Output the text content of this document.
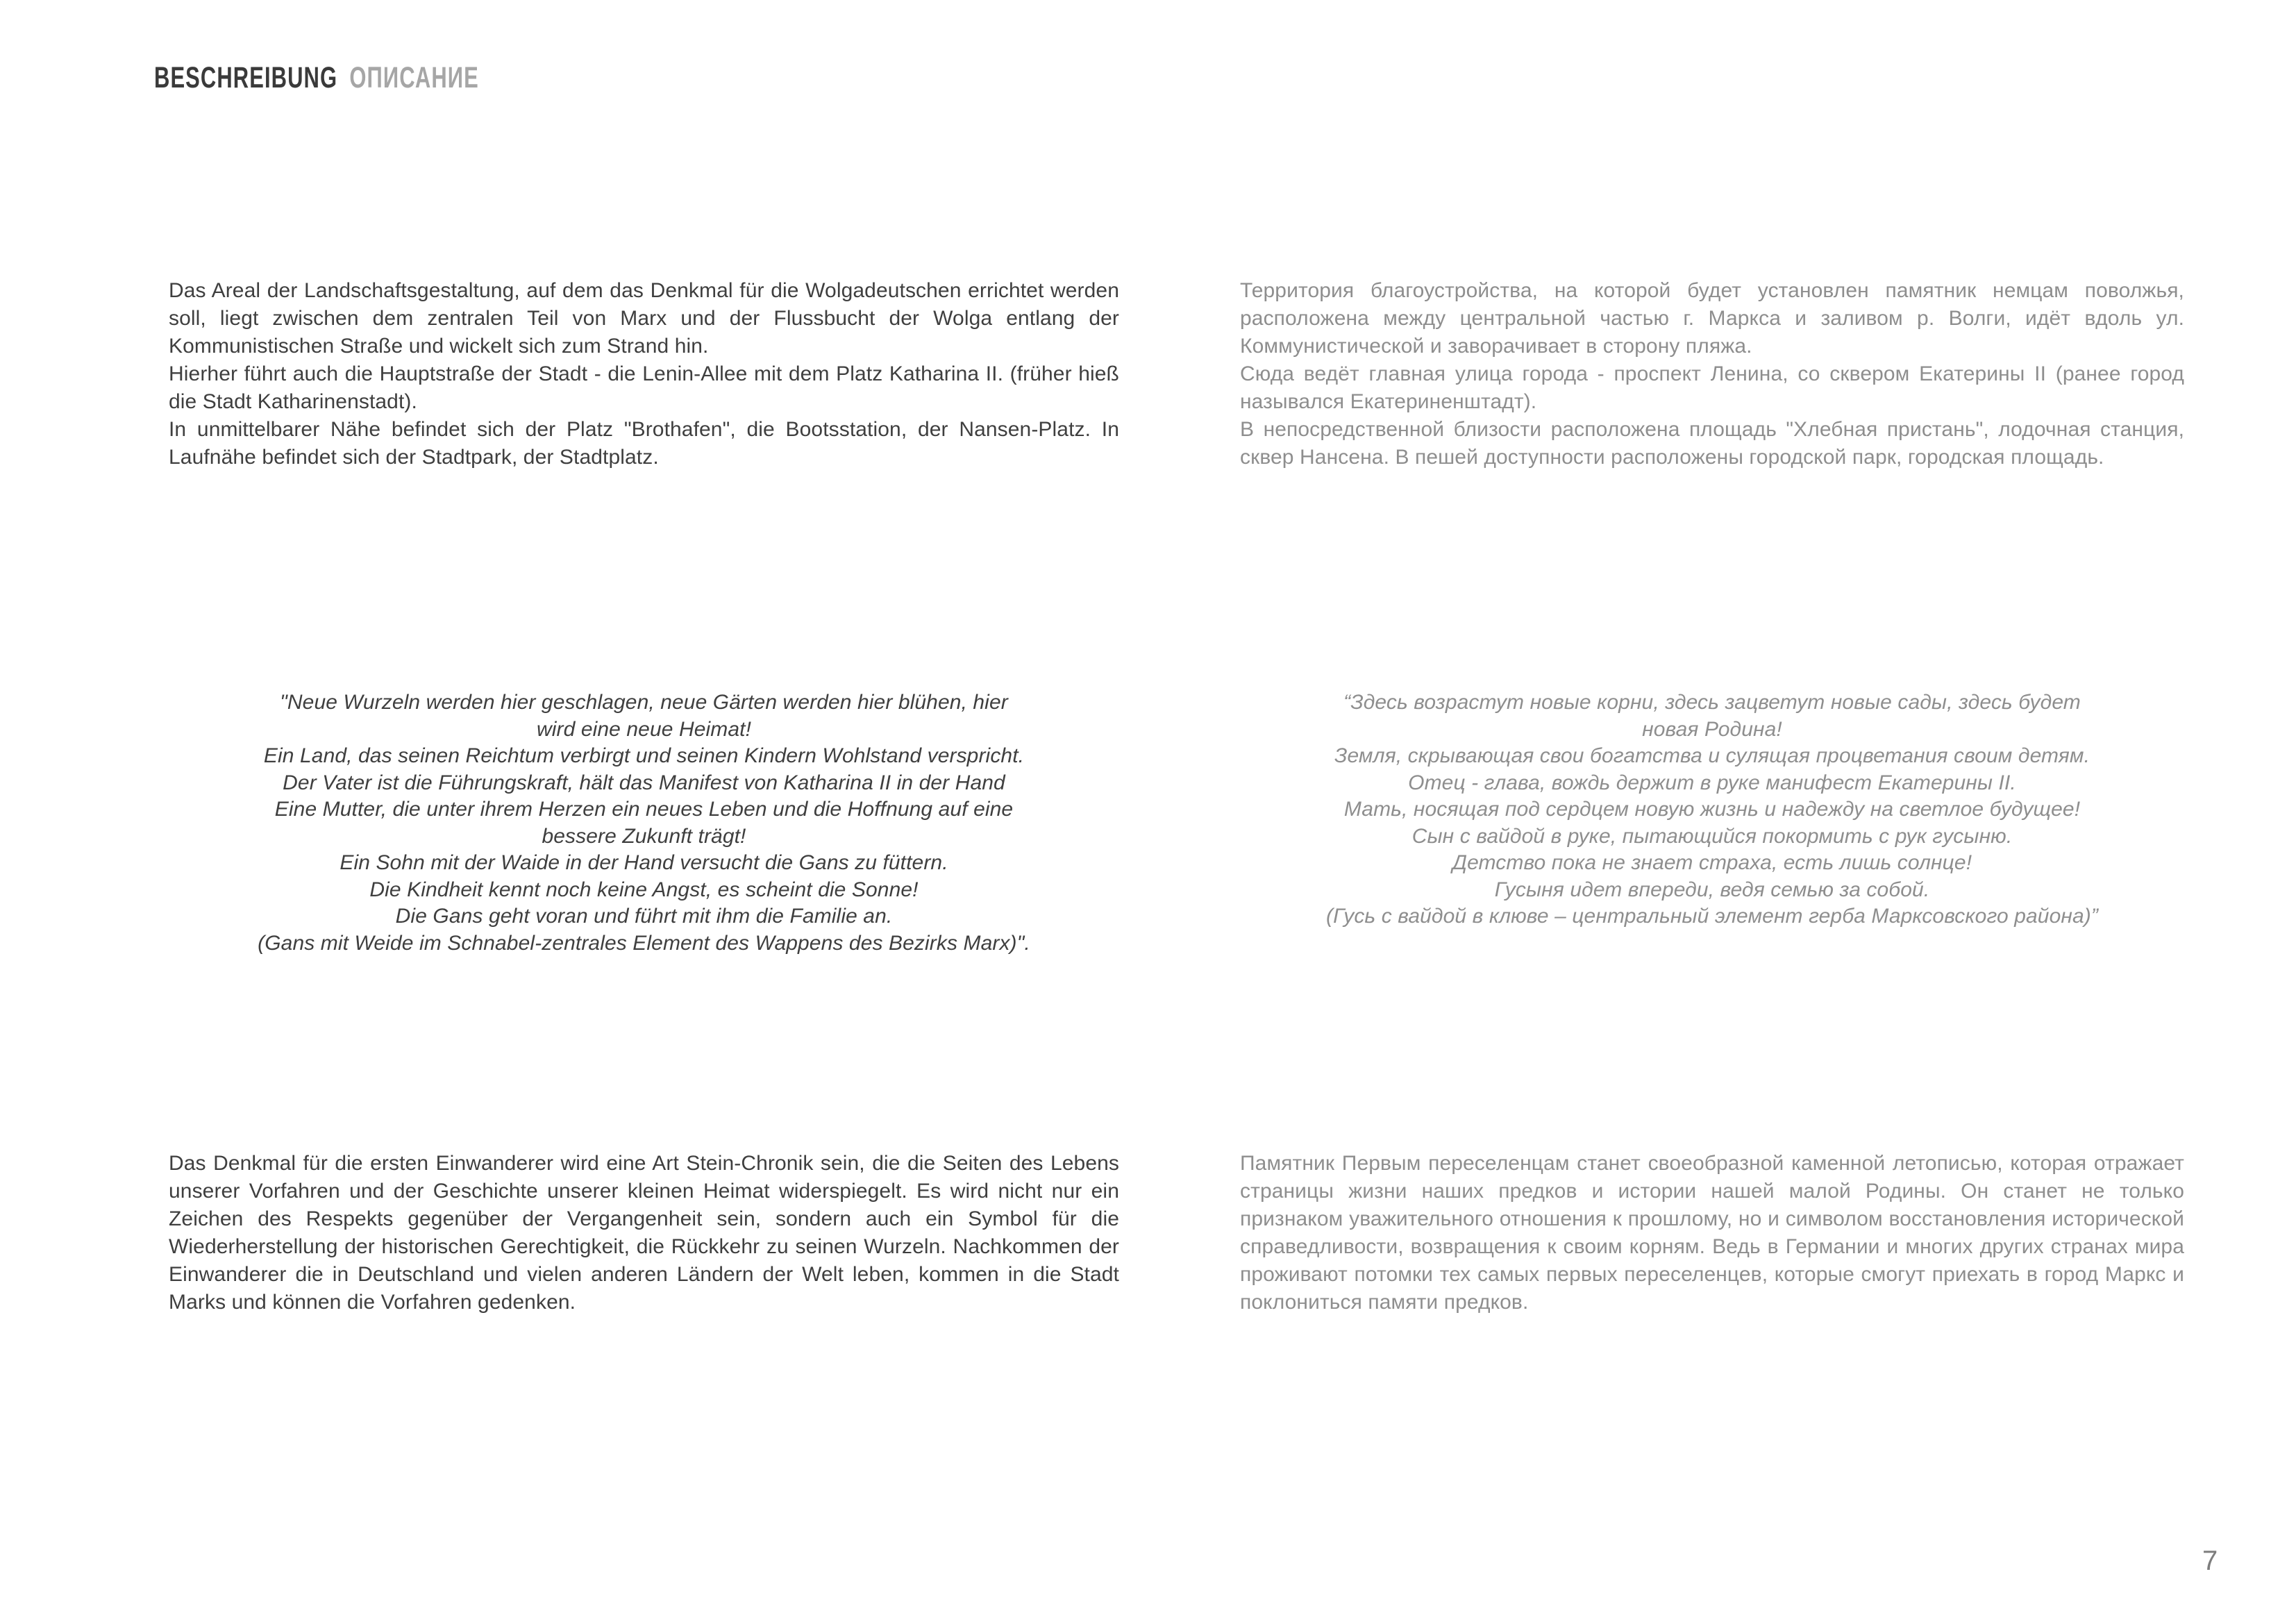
BESCHREIBUNG ОПИСАНИЕ

Das Areal der Landschaftsgestaltung, auf dem das Denkmal für die Wolgadeutschen errichtet werden soll, liegt zwischen dem zentralen Teil von Marx und der Flussbucht der Wolga entlang der Kommunistischen Straße und wickelt sich zum Strand hin.

Hierher führt auch die Hauptstraße der Stadt - die Lenin-Allee mit dem Platz Katharina II. (früher hieß die Stadt Katharinenstadt).

In unmittelbarer Nähe befindet sich der Platz "Brothafen", die Bootsstation, der Nansen-Platz. In Laufnähe befindet sich der Stadtpark, der Stadtplatz.

"Neue Wurzeln werden hier geschlagen, neue Gärten werden hier blühen, hier
wird eine neue Heimat!
Ein Land, das seinen Reichtum verbirgt und seinen Kindern Wohlstand verspricht.
Der Vater ist die Führungskraft, hält das Manifest von Katharina II in der Hand
Eine Mutter, die unter ihrem Herzen ein neues Leben und die Hoffnung auf eine
bessere Zukunft trägt!
Ein Sohn mit der Waide in der Hand versucht die Gans zu füttern.
Die Kindheit kennt noch keine Angst, es scheint die Sonne!
Die Gans geht voran und führt mit ihm die Familie an.
(Gans mit Weide im Schnabel-zentrales Element des Wappens des Bezirks Marx)".

Das Denkmal für die ersten Einwanderer wird eine Art Stein-Chronik sein, die die Seiten des Lebens unserer Vorfahren und der Geschichte unserer kleinen Heimat widerspiegelt. Es wird nicht nur ein Zeichen des Respekts gegenüber der Vergangenheit sein, sondern auch ein Symbol für die Wiederherstellung der historischen Gerechtigkeit, die Rückkehr zu seinen Wurzeln. Nachkommen der Einwanderer die in Deutschland und vielen anderen Ländern der Welt leben, kommen in die Stadt Marks und können die Vorfahren gedenken.

Территория благоустройства, на которой будет установлен памятник немцам поволжья, расположена между центральной частью г. Маркса и заливом р. Волги, идёт вдоль ул. Коммунистической и заворачивает в сторону пляжа.

Сюда ведёт главная улица города - проспект Ленина, со сквером Екатерины II (ранее город назывался Екатериненштадт).

В непосредственной близости расположена площадь "Хлебная пристань", лодочная станция, сквер Нансена. В пешей доступности расположены городской парк, городская площадь.

“Здесь возрастут новые корни, здесь зацветут новые сады, здесь будет
новая Родина!
Земля, скрывающая свои богатства и сулящая процветания своим детям.
Отец - глава, вождь держит в руке манифест Екатерины II.
Мать, носящая под сердцем новую жизнь и надежду на светлое будущее!
Сын с вайдой в руке, пытающийся покормить с рук гусыню.
Детство пока не знает страха, есть лишь солнце!
Гусыня идет впереди, ведя семью за собой.
(Гусь с вайдой в клюве – центральный элемент герба Марксовского района)”

Памятник Первым переселенцам станет своеобразной каменной летописью, которая отражает страницы жизни наших предков и истории нашей малой Родины. Он станет не только признаком уважительного отношения к прошлому, но и символом восстановления исторической справедливости, возвращения к своим корням. Ведь в Германии и многих других странах мира проживают потомки тех самых первых переселенцев, которые смогут приехать в город Маркс и поклониться памяти предков.

7
